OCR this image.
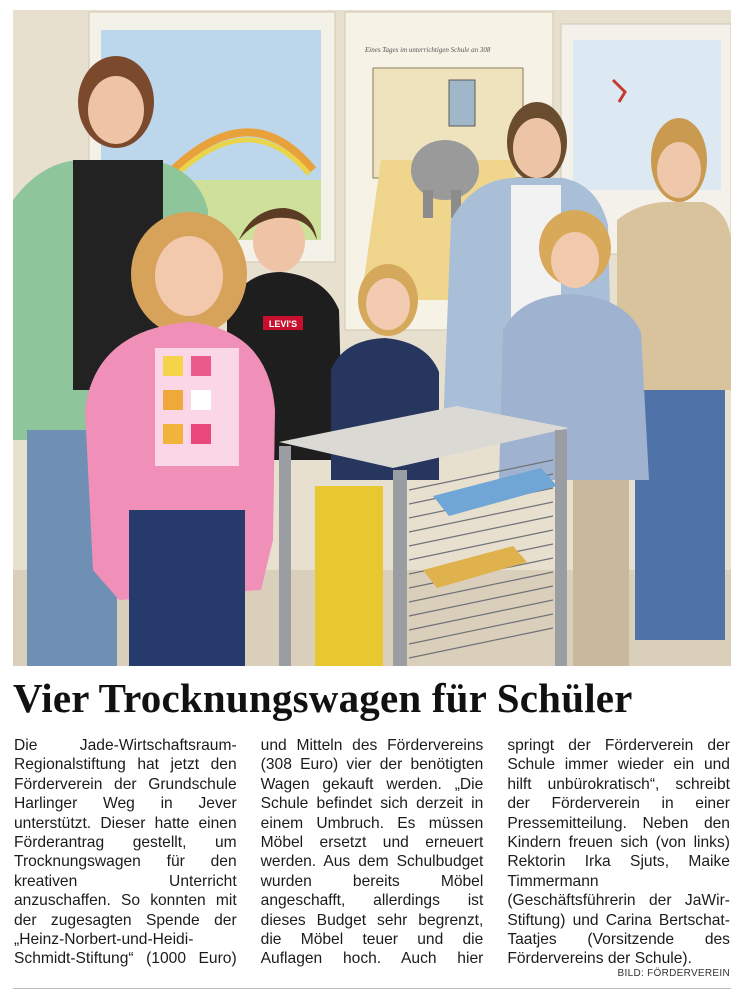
Eines Tages im unterrichtigen Schule an 308
LEVI'S
Vier Trocknungswagen für Schüler

Die Jade-Wirtschaftsraum-Regionalstiftung hat jetzt den Förderverein der Grundschule Harlinger Weg in Jever unterstützt. Dieser hatte einen Förderantrag gestellt, um Trocknungswagen für den kreativen Unterricht anzuschaffen. So konnten mit der zugesagten Spende der „Heinz-Norbert-und-Heidi-Schmidt-Stiftung“ (1000 Euro) und Mitteln des Fördervereins (308 Euro) vier der benötigten Wagen gekauft werden. „Die Schule befindet sich derzeit in einem Umbruch. Es müssen Möbel ersetzt und erneuert werden. Aus dem Schulbudget wurden bereits Möbel angeschafft, allerdings ist dieses Budget sehr begrenzt, die Möbel teuer und die Auflagen hoch. Auch hier springt der Förderverein der Schule immer wieder ein und hilft unbürokratisch“, schreibt der Förderverein in einer Pressemitteilung. Neben den Kindern freuen sich (von links) Rektorin Irka Sjuts, Maike Timmermann (Geschäftsführerin der JaWir-Stiftung) und Carina Bertschat-Taatjes (Vorsitzende des Fördervereins der Schule).

BILD: FÖRDERVEREIN
